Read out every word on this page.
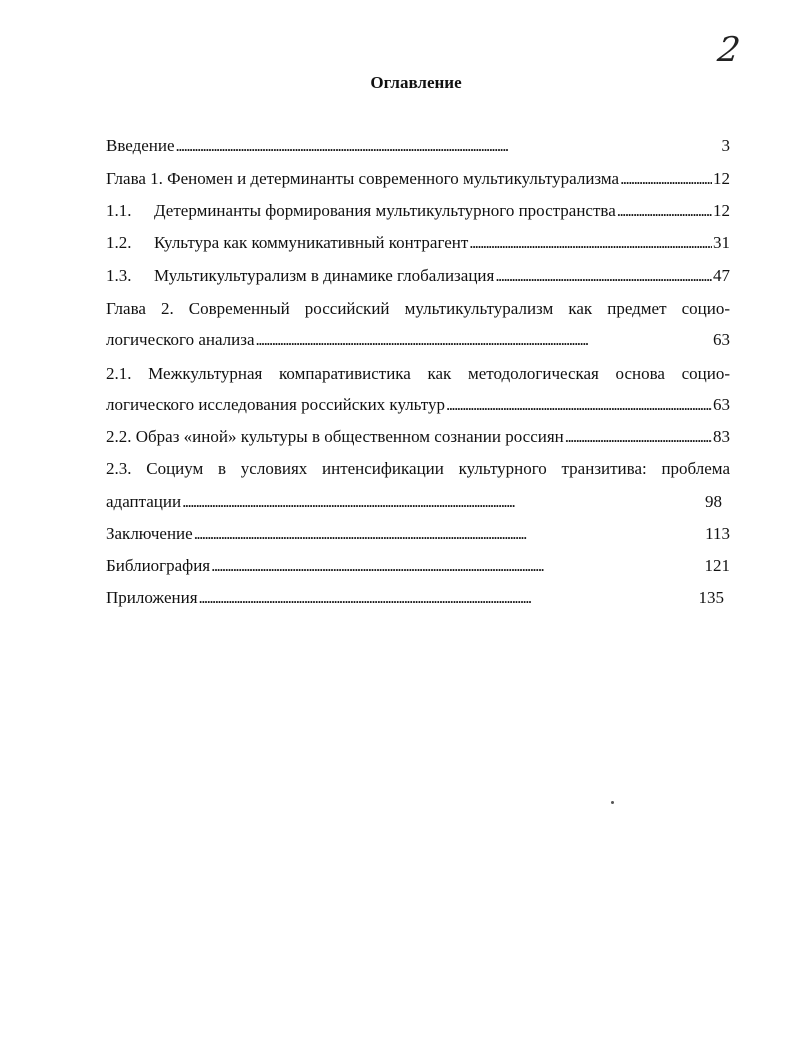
2
Оглавление
Введение . . .	3
Глава 1. Феномен и детерминанты современного мультикультурализма . . .	12
1.1.	Детерминанты формирования мультикультурного пространства . . .	12
1.2.	Культура как коммуникативный контрагент . . .	31
1.3.	Мультикультурализм в динамике глобализация . . .	47
Глава 2. Современный российский мультикультурализм как предмет социо-
логического анализа . . .	63
2.1. Межкультурная компаративистика как методологическая основа социо-
логического исследования российских культур . . .	63
2.2. Образ «иной» культуры в общественном сознании россиян . . .	83
2.3. Социум в условиях интенсификации культурного транзитива: проблема
адаптации . . .	98
Заключение . . .	113
Библиография . . .	121
Приложения . . .	135
